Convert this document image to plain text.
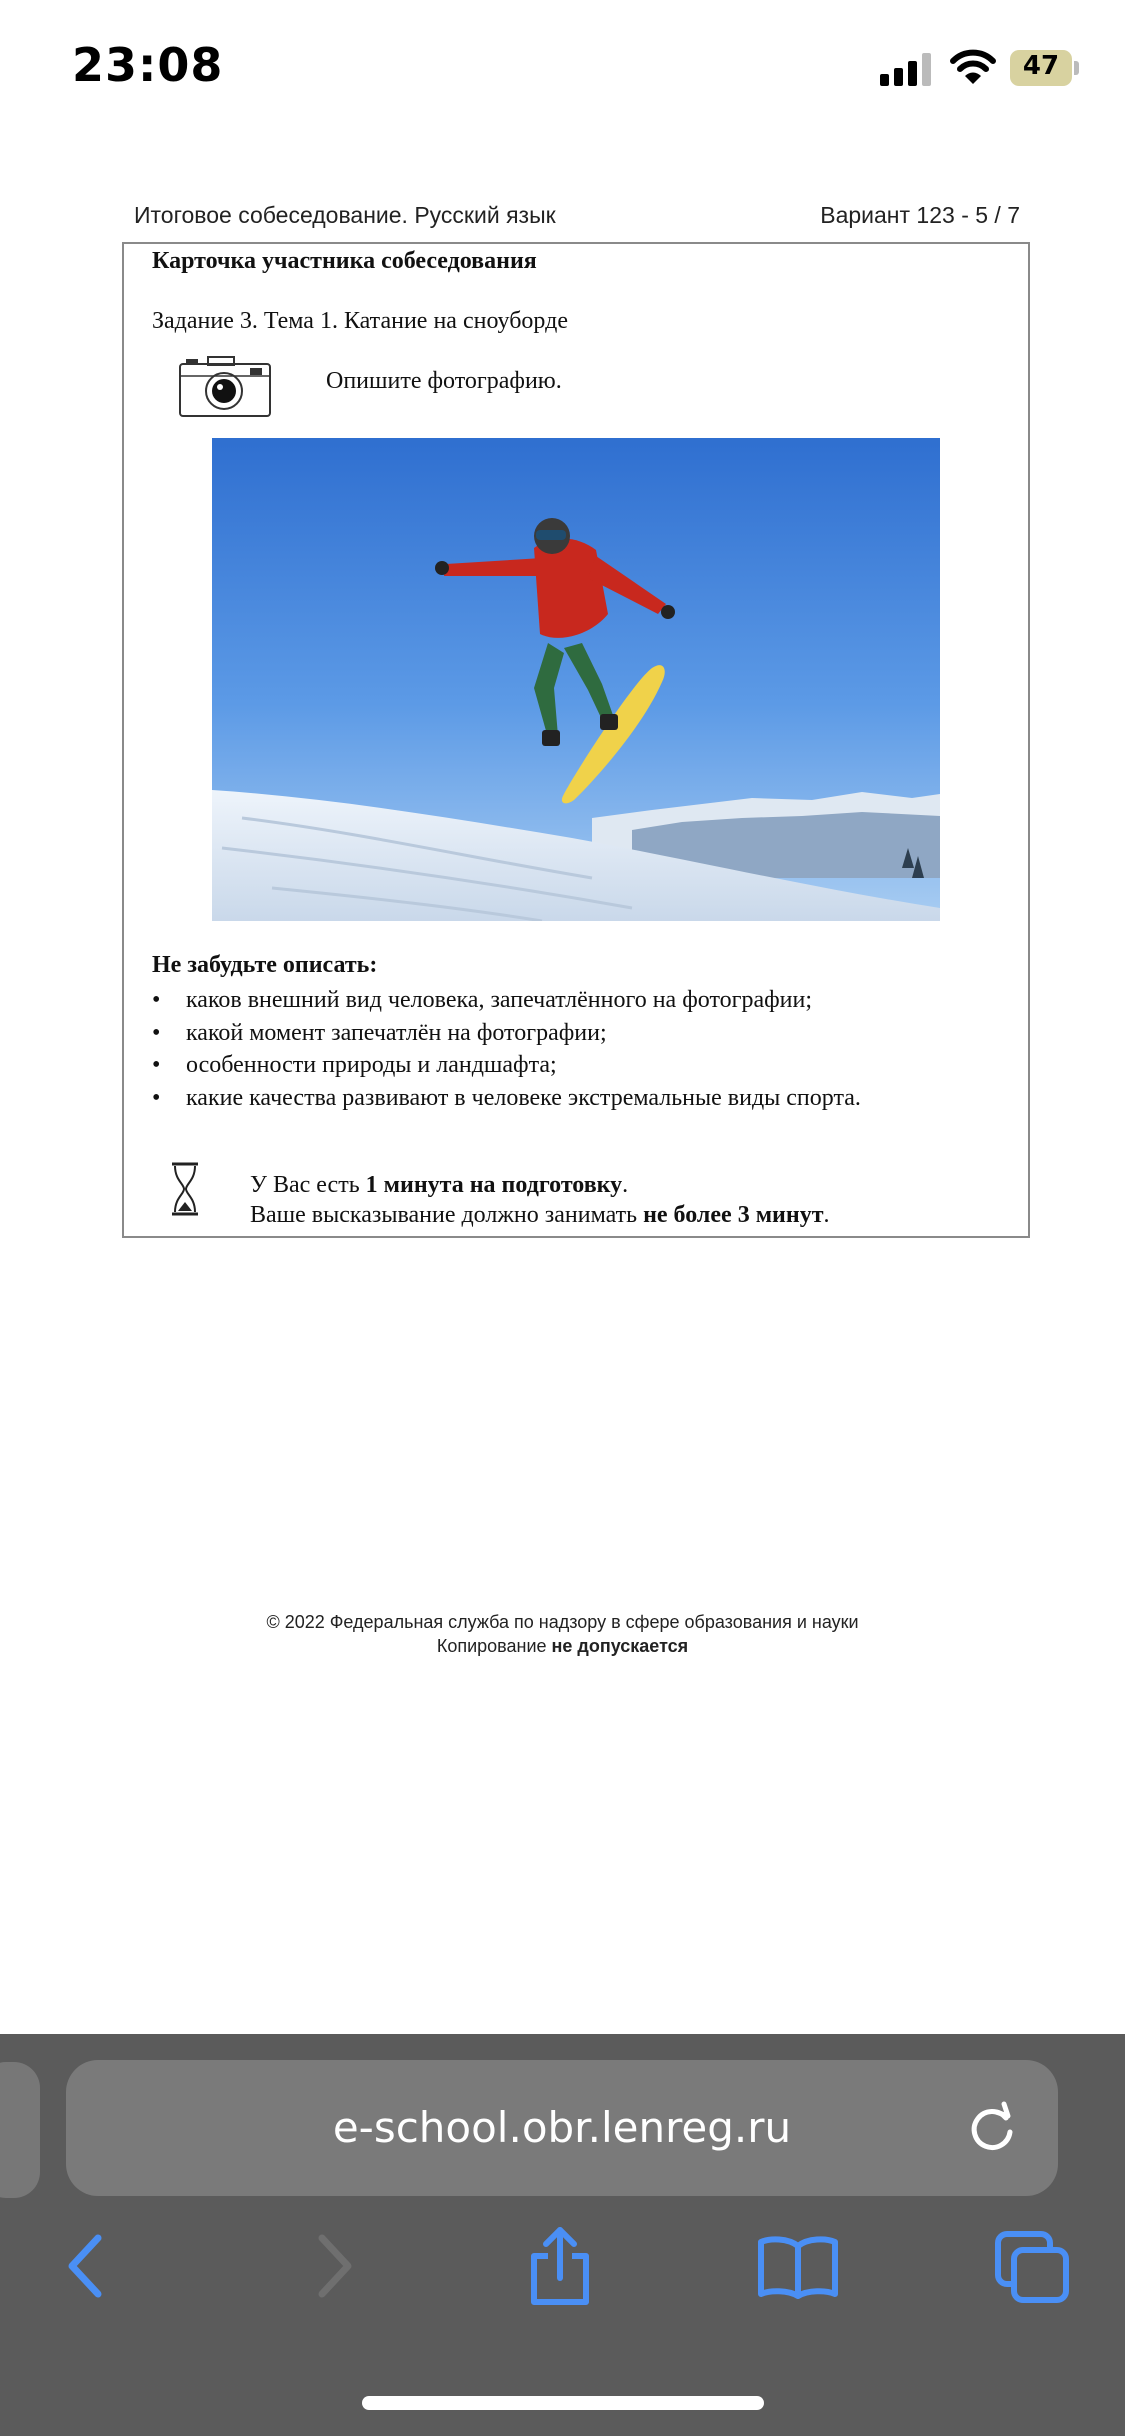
23:08	47
Итоговое собеседование. Русский язык	Вариант 123 - 5 / 7
Карточка участника собеседования
Задание 3. Тема 1. Катание на сноуборде
Опишите фотографию.
Не забудьте описать:
• каков внешний вид человека, запечатлённого на фотографии;
• какой момент запечатлён на фотографии;
• особенности природы и ландшафта;
• какие качества развивают в человеке экстремальные виды спорта.
У Вас есть 1 минута на подготовку.
Ваше высказывание должно занимать не более 3 минут.
© 2022 Федеральная служба по надзору в сфере образования и науки
Копирование не допускается
e-school.obr.lenreg.ru
